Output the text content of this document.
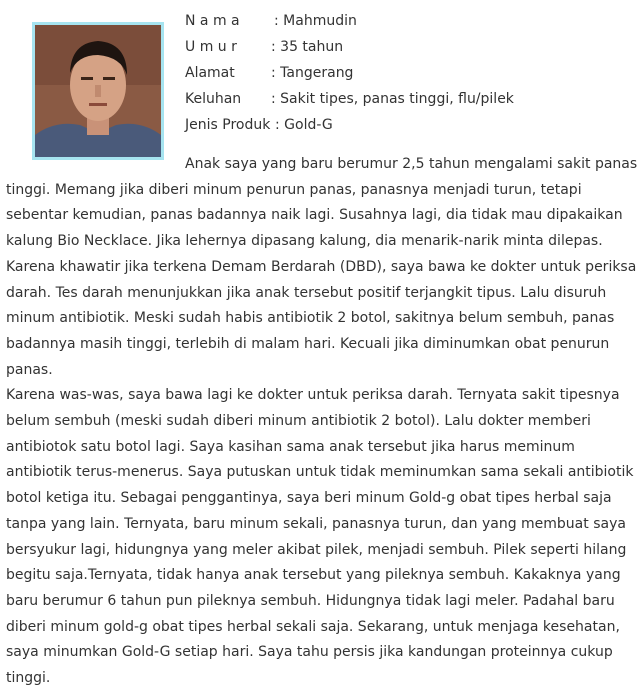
N a m a : Mahmudin
U m u r : 35 tahun
Alamat	: Tangerang
Keluhan : Sakit tipes, panas tinggi, flu/pilek
Jenis Produk : Gold-G

Anak saya yang baru berumur 2,5 tahun mengalami sakit panas
tinggi. Memang jika diberi minum penurun panas, panasnya menjadi turun, tetapi sebentar kemudian, panas badannya naik lagi. Susahnya lagi, dia tidak mau dipakaikan kalung Bio Necklace. Jika lehernya dipasang kalung, dia menarik-narik minta dilepas. Karena khawatir jika terkena Demam Berdarah (DBD), saya bawa ke dokter untuk periksa darah. Tes darah menunjukkan jika anak tersebut positif terjangkit tipus. Lalu disuruh minum antibiotik. Meski sudah habis antibiotik 2 botol, sakitnya belum sembuh, panas badannya masih tinggi, terlebih di malam hari. Kecuali jika diminumkan obat penurun panas.

Karena was-was, saya bawa lagi ke dokter untuk periksa darah. Ternyata sakit tipesnya belum sembuh (meski sudah diberi minum antibiotik 2 botol). Lalu dokter memberi antibiotok satu botol lagi. Saya kasihan sama anak tersebut jika harus meminum antibiotik terus-menerus. Saya putuskan untuk tidak meminumkan sama sekali antibiotik botol ketiga itu. Sebagai penggantinya, saya beri minum Gold-g obat tipes herbal saja tanpa yang lain. Ternyata, baru minum sekali, panasnya turun, dan yang membuat saya bersyukur lagi, hidungnya yang meler akibat pilek, menjadi sembuh. Pilek seperti hilang begitu saja.Ternyata, tidak hanya anak tersebut yang pileknya sembuh. Kakaknya yang baru berumur 6 tahun pun pileknya sembuh. Hidungnya tidak lagi meler. Padahal baru diberi minum gold-g obat tipes herbal sekali saja. Sekarang, untuk menjaga kesehatan, saya minumkan Gold-G setiap hari. Saya tahu persis jika kandungan proteinnya cukup tinggi.
